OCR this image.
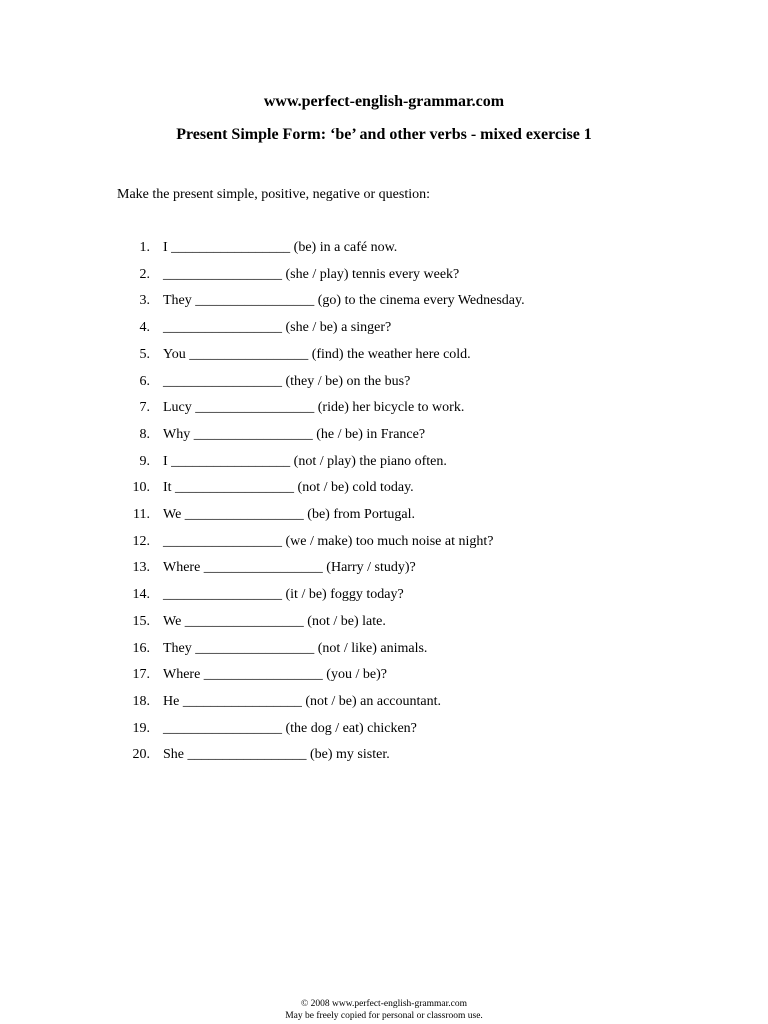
www.perfect-english-grammar.com
Present Simple Form: ‘be’ and other verbs - mixed exercise 1
Make the present simple, positive, negative or question:
1. I _________________ (be) in a café now.
2. _________________ (she / play) tennis every week?
3. They _________________ (go) to the cinema every Wednesday.
4. _________________ (she / be) a singer?
5. You _________________ (find) the weather here cold.
6. _________________ (they / be) on the bus?
7. Lucy _________________ (ride) her bicycle to work.
8. Why _________________ (he / be) in France?
9. I _________________ (not / play) the piano often.
10. It _________________ (not / be) cold today.
11. We _________________ (be) from Portugal.
12. _________________ (we / make) too much noise at night?
13. Where _________________ (Harry / study)?
14. _________________ (it / be) foggy today?
15. We _________________ (not / be) late.
16. They _________________ (not / like) animals.
17. Where _________________ (you / be)?
18. He _________________ (not / be) an accountant.
19. _________________ (the dog / eat) chicken?
20. She _________________ (be) my sister.
© 2008 www.perfect-english-grammar.com
May be freely copied for personal or classroom use.
